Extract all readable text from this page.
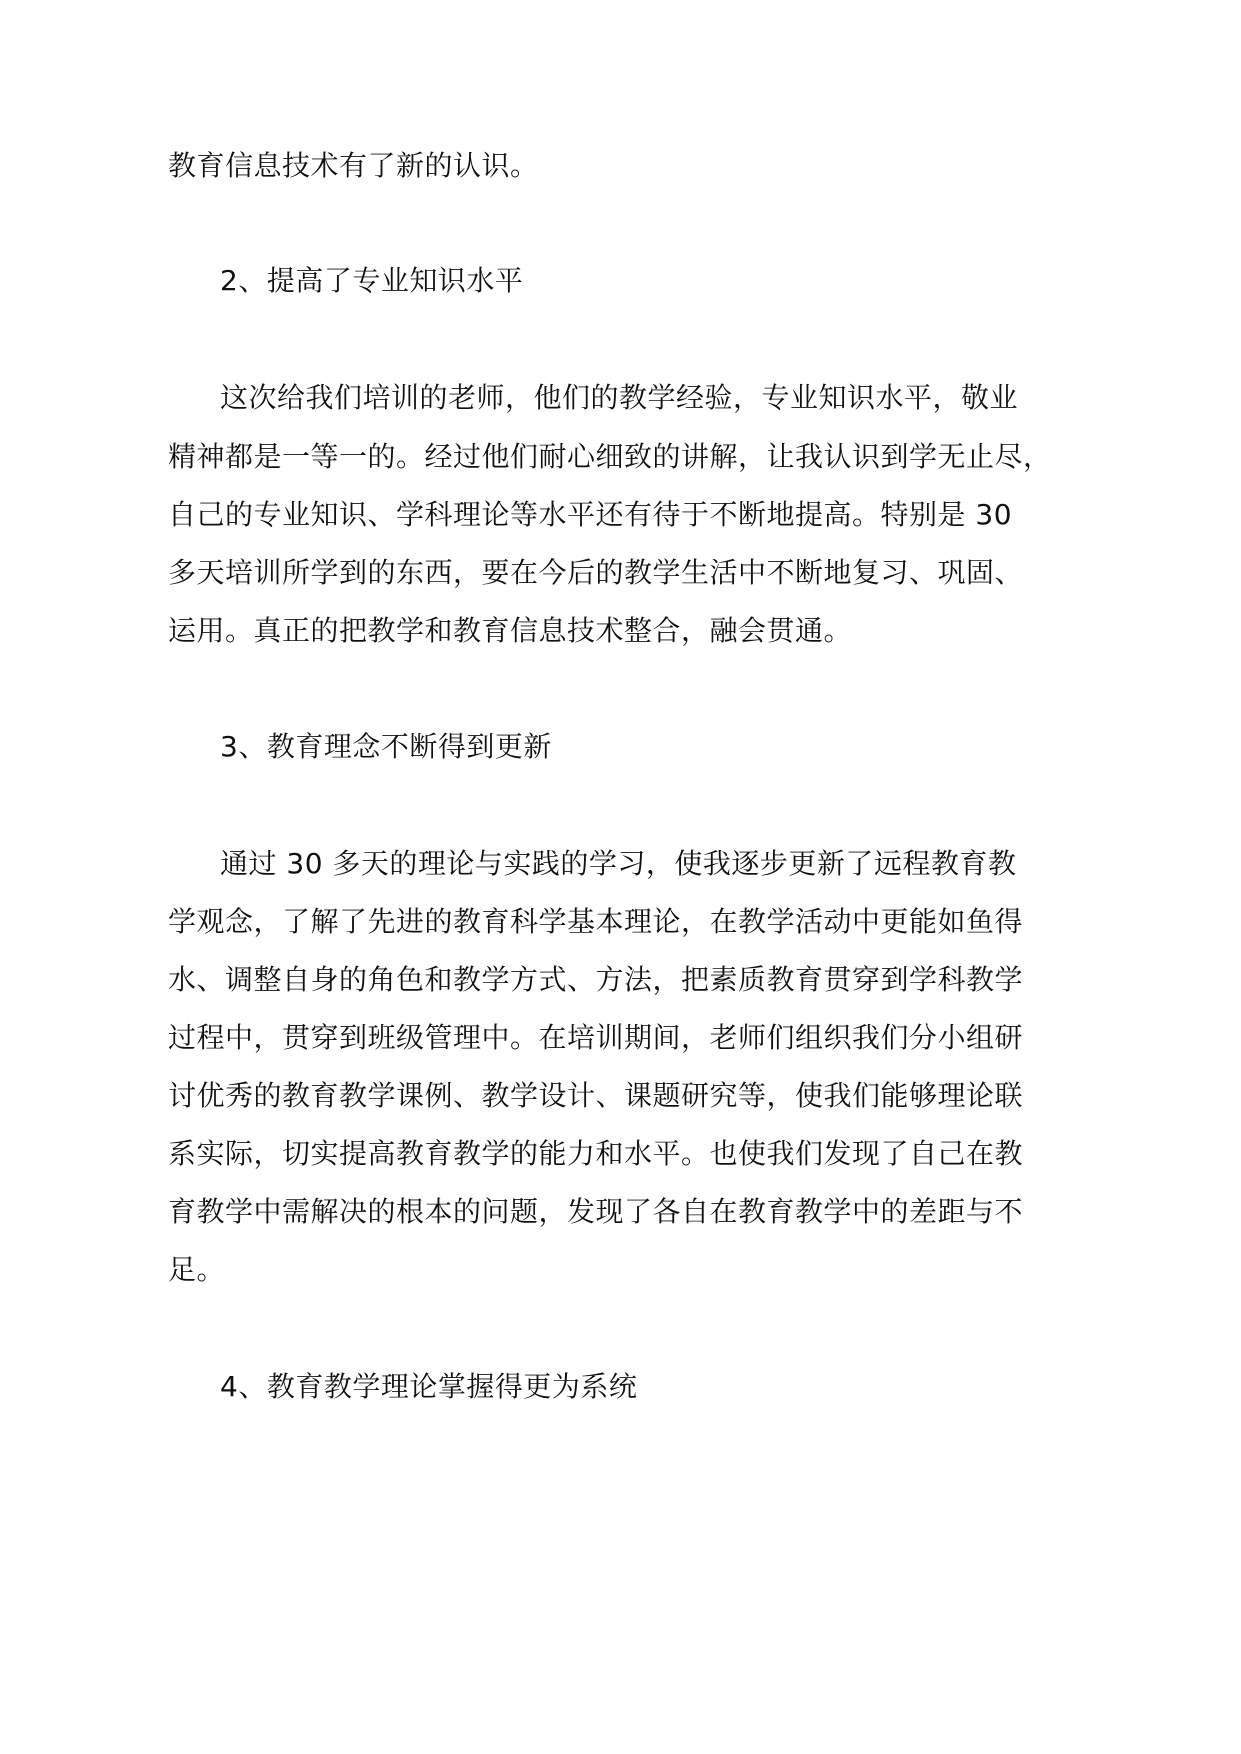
教育信息技术有了新的认识。
2、提高了专业知识水平
这次给我们培训的老师，他们的教学经验，专业知识水平，敬业
精神都是一等一的。经过他们耐心细致的讲解，让我认识到学无止尽，
自己的专业知识、学科理论等水平还有待于不断地提高。特别是 30
多天培训所学到的东西，要在今后的教学生活中不断地复习、巩固、
运用。真正的把教学和教育信息技术整合，融会贯通。
3、教育理念不断得到更新
通过 30 多天的理论与实践的学习，使我逐步更新了远程教育教
学观念，了解了先进的教育科学基本理论，在教学活动中更能如鱼得
水、调整自身的角色和教学方式、方法，把素质教育贯穿到学科教学
过程中，贯穿到班级管理中。在培训期间，老师们组织我们分小组研
讨优秀的教育教学课例、教学设计、课题研究等，使我们能够理论联
系实际，切实提高教育教学的能力和水平。也使我们发现了自己在教
育教学中需解决的根本的问题，发现了各自在教育教学中的差距与不
足。
4、教育教学理论掌握得更为系统
